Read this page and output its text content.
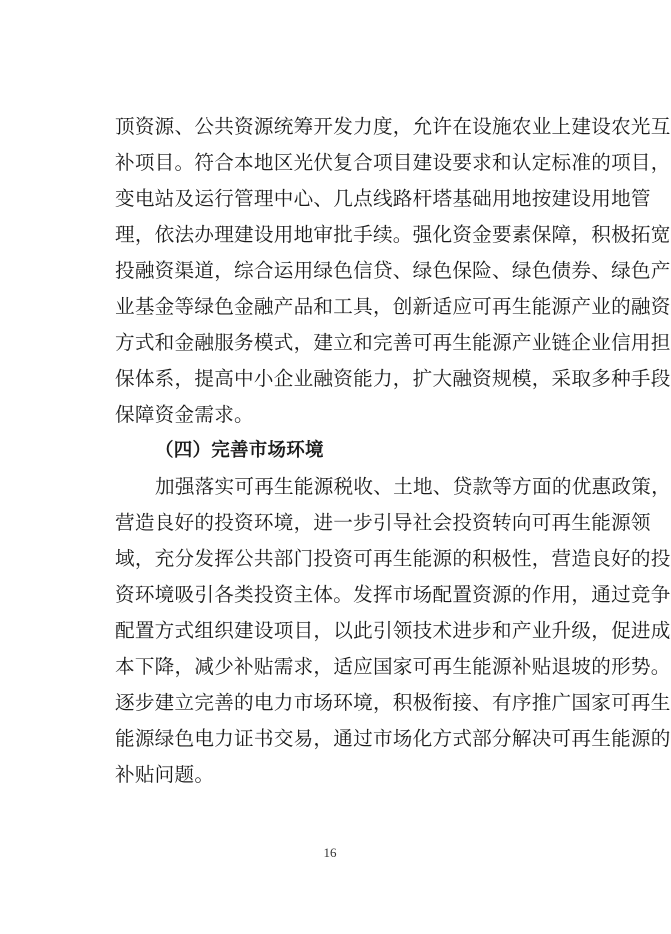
顶资源、公共资源统筹开发力度，允许在设施农业上建设农光互
补项目。符合本地区光伏复合项目建设要求和认定标准的项目，
变电站及运行管理中心、几点线路杆塔基础用地按建设用地管
理，依法办理建设用地审批手续。强化资金要素保障，积极拓宽
投融资渠道，综合运用绿色信贷、绿色保险、绿色债券、绿色产
业基金等绿色金融产品和工具，创新适应可再生能源产业的融资
方式和金融服务模式，建立和完善可再生能源产业链企业信用担
保体系，提高中小企业融资能力，扩大融资规模，采取多种手段
保障资金需求。
（四）完善市场环境
加强落实可再生能源税收、土地、贷款等方面的优惠政策，
营造良好的投资环境，进一步引导社会投资转向可再生能源领
域，充分发挥公共部门投资可再生能源的积极性，营造良好的投
资环境吸引各类投资主体。发挥市场配置资源的作用，通过竞争
配置方式组织建设项目，以此引领技术进步和产业升级，促进成
本下降，减少补贴需求，适应国家可再生能源补贴退坡的形势。
逐步建立完善的电力市场环境，积极衔接、有序推广国家可再生
能源绿色电力证书交易，通过市场化方式部分解决可再生能源的
补贴问题。
16
